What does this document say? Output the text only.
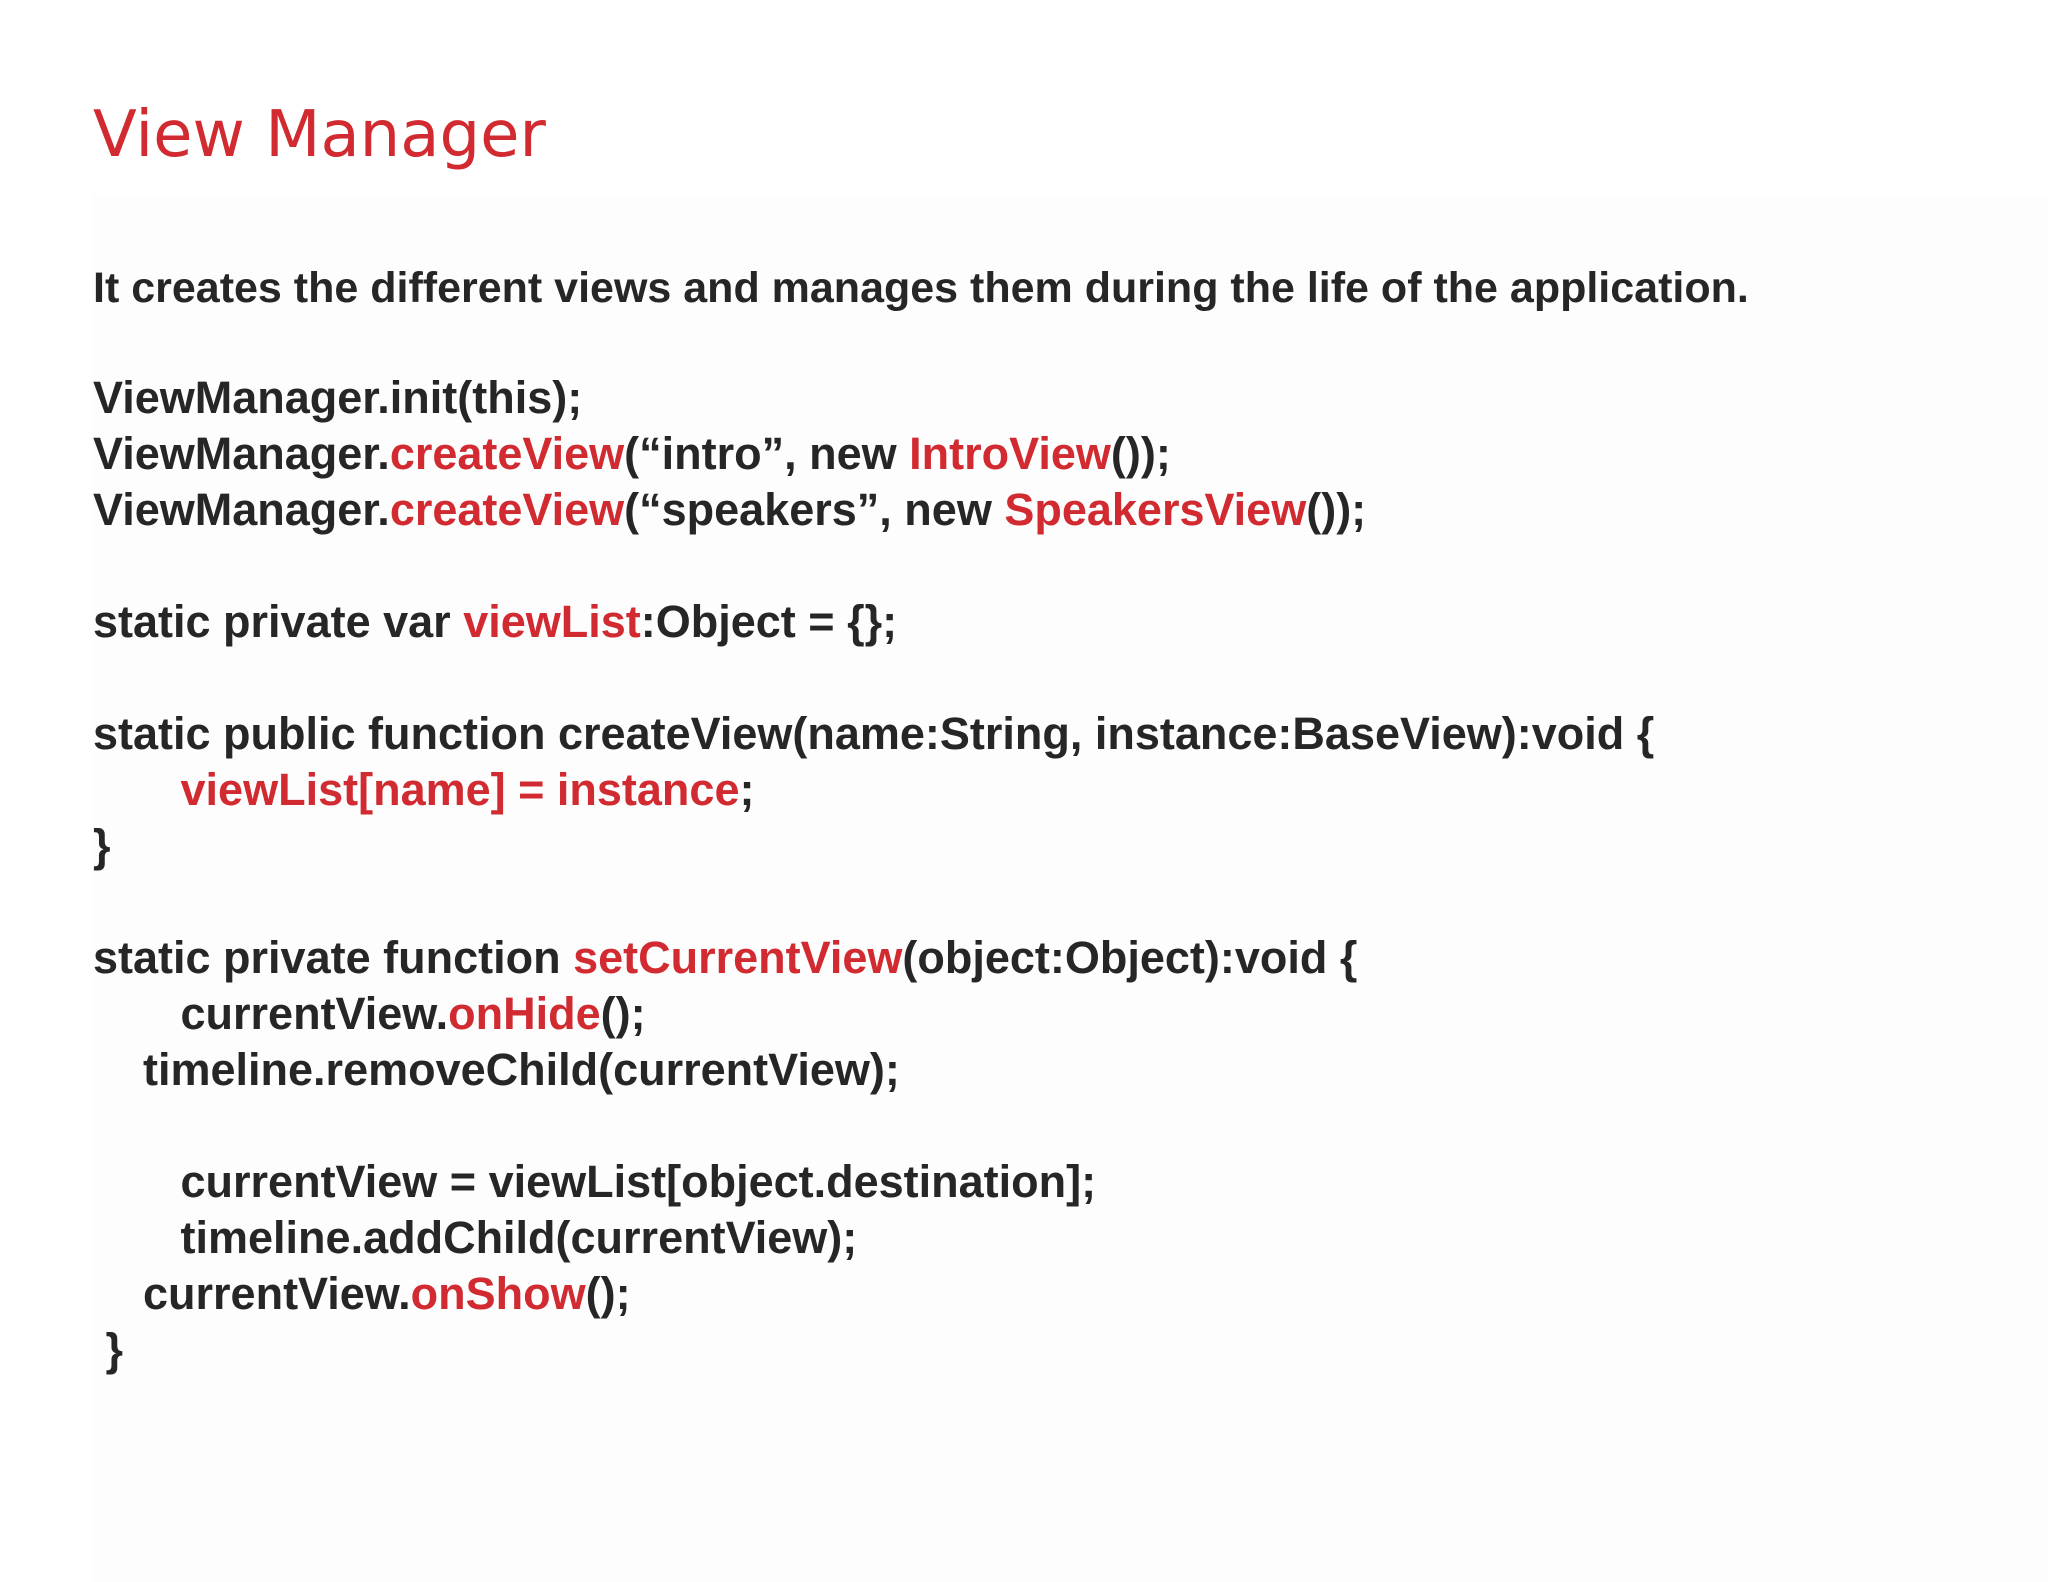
View Manager

It creates the different views and manages them during the life of the application.

ViewManager.init(this);
ViewManager.createView(“intro”, new IntroView());
ViewManager.createView(“speakers”, new SpeakersView());
static private var viewList:Object = {};
static public function createView(name:String, instance:BaseView):void {
viewList[name] = instance;
}
static private function setCurrentView(object:Object):void {
currentView.onHide();
timeline.removeChild(currentView);
currentView = viewList[object.destination];
timeline.addChild(currentView);
currentView.onShow();
}
